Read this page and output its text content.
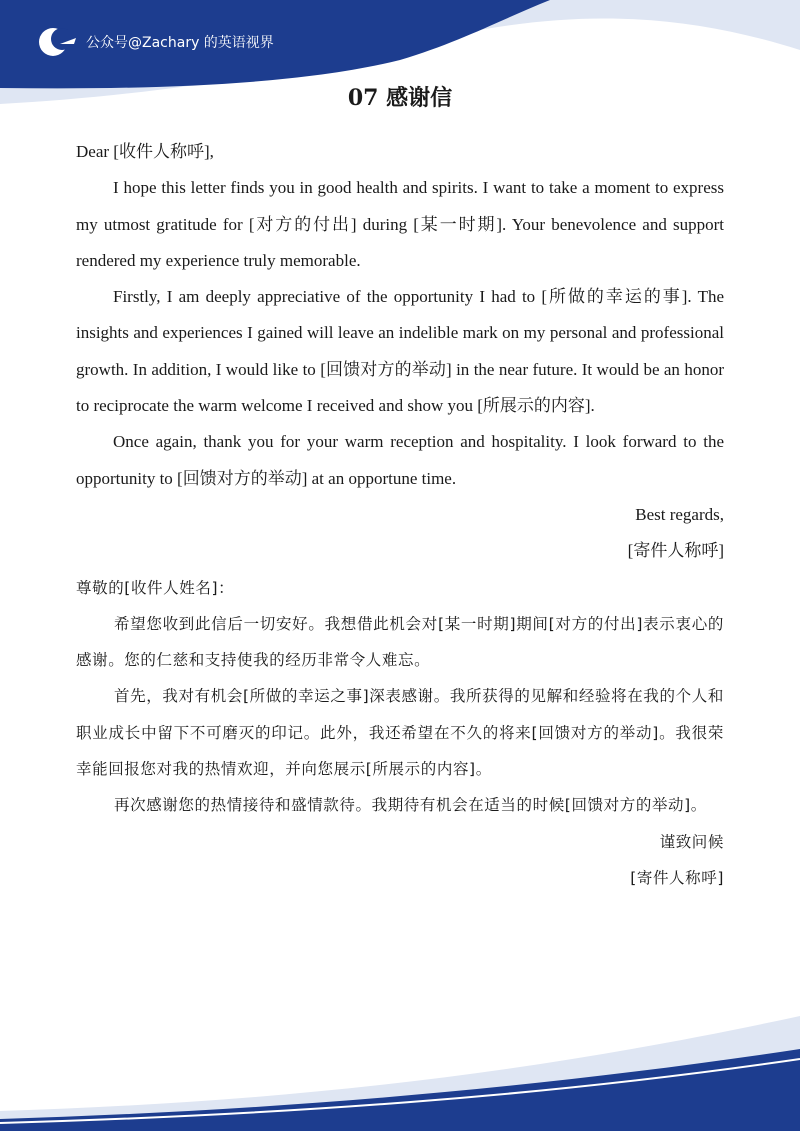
公众号@Zachary 的英语视界
07 感谢信

Dear [收件人称呼],

I hope this letter finds you in good health and spirits. I want to take a moment to express my utmost gratitude for [对方的付出] during [某一时期]. Your benevolence and support rendered my experience truly memorable.

Firstly, I am deeply appreciative of the opportunity I had to [所做的幸运的事]. The insights and experiences I gained will leave an indelible mark on my personal and professional growth. In addition, I would like to [回馈对方的举动] in the near future. It would be an honor to reciprocate the warm welcome I received and show you [所展示的内容].

Once again, thank you for your warm reception and hospitality. I look forward to the opportunity to [回馈对方的举动] at an opportune time.

Best regards,

[寄件人称呼]

尊敬的[收件人姓名]：

希望您收到此信后一切安好。我想借此机会对[某一时期]期间[对方的付出]表示衷心的感谢。您的仁慈和支持使我的经历非常令人难忘。

首先，我对有机会[所做的幸运之事]深表感谢。我所获得的见解和经验将在我的个人和职业成长中留下不可磨灭的印记。此外，我还希望在不久的将来[回馈对方的举动]。我很荣幸能回报您对我的热情欢迎，并向您展示[所展示的内容]。

再次感谢您的热情接待和盛情款待。我期待有机会在适当的时候[回馈对方的举动]。

谨致问候

[寄件人称呼]
